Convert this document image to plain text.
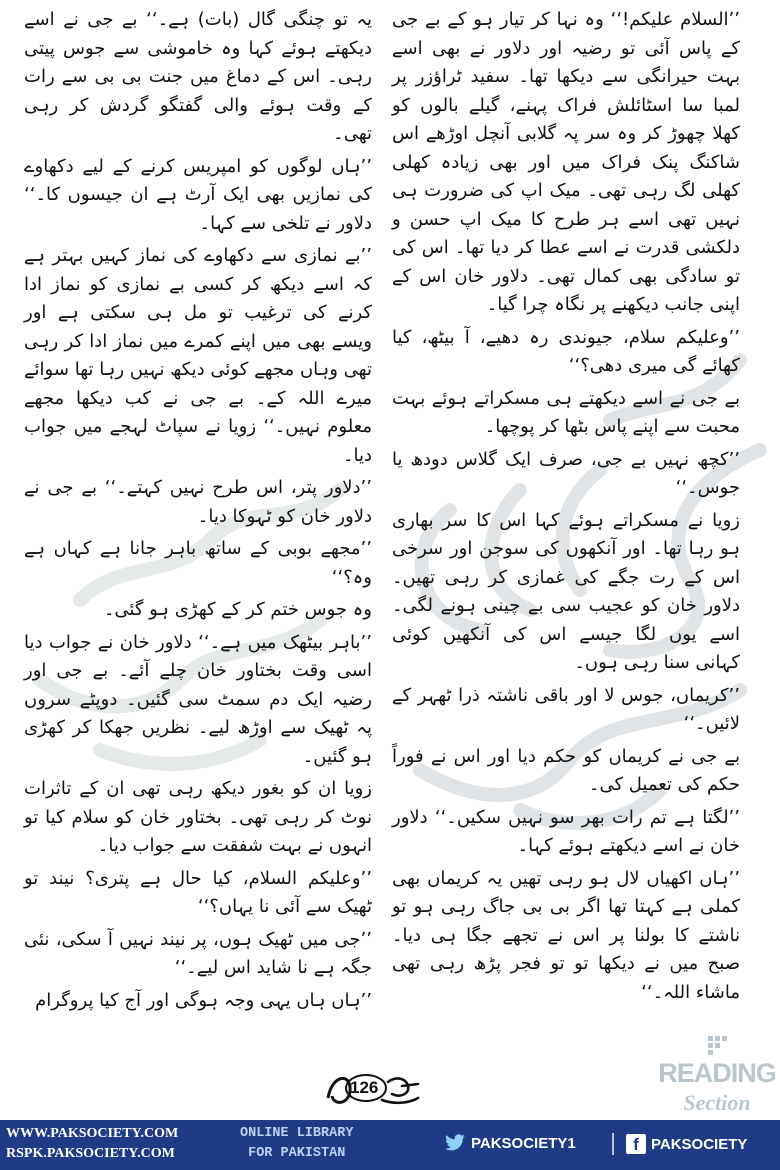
’’السلام علیکم!‘‘ وہ نہا کر تیار ہو کے بے جی کے پاس آئی تو رضیہ اور دلاور نے بھی اسے بہت حیرانگی سے دیکھا تھا۔ سفید ٹراؤزر پر لمبا سا اسٹائلش فراک پہنے، گیلے بالوں کو کھلا چھوڑ کر وہ سر پہ گلابی آنچل اوڑھے اس شاکنگ پنک فراک میں اور بھی زیادہ کھلی کھلی لگ رہی تھی۔ میک اپ کی ضرورت ہی نہیں تھی اسے ہر طرح کا میک اپ حسن و دلکشی قدرت نے اسے عطا کر دیا تھا۔ اس کی تو سادگی بھی کمال تھی۔ دلاور خان اس کے اپنی جانب دیکھنے پر نگاہ چرا گیا۔

’’وعلیکم سلام، جیوندی رہ دھیے، آ بیٹھ، کیا کھائے گی میری دھی؟‘‘

بے جی نے اسے دیکھتے ہی مسکراتے ہوئے بہت محبت سے اپنے پاس بٹھا کر پوچھا۔

’’کچھ نہیں بے جی، صرف ایک گلاس دودھ یا جوس۔‘‘

زویا نے مسکراتے ہوئے کہا اس کا سر بھاری ہو رہا تھا۔ اور آنکھوں کی سوجن اور سرخی اس کے رت جگے کی غمازی کر رہی تھیں۔ دلاور خان کو عجیب سی بے چینی ہونے لگی۔ اسے یوں لگا جیسے اس کی آنکھیں کوئی کہانی سنا رہی ہوں۔

’’کریماں، جوس لا اور باقی ناشتہ ذرا ٹھہر کے لائیں۔‘‘

بے جی نے کریماں کو حکم دیا اور اس نے فوراً حکم کی تعمیل کی۔

’’لگتا ہے تم رات بھر سو نہیں سکیں۔‘‘ دلاور خان نے اسے دیکھتے ہوئے کہا۔

’’ہاں اکھیاں لال ہو رہی تھیں یہ کریماں بھی کملی ہے کہتا تھا اگر بی بی جاگ رہی ہو تو ناشتے کا بولنا پر اس نے تجھے جگا ہی دیا۔ صبح میں نے دیکھا تو تو فجر پڑھ رہی تھی ماشاء اللہ۔‘‘

یہ تو چنگی گال (بات) ہے۔‘‘ بے جی نے اسے دیکھتے ہوئے کہا وہ خاموشی سے جوس پیتی رہی۔ اس کے دماغ میں جنت بی بی سے رات کے وقت ہوئے والی گفتگو گردش کر رہی تھی۔

’’ہاں لوگوں کو امپریس کرنے کے لیے دکھاوے کی نمازیں بھی ایک آرٹ ہے ان جیسوں کا۔‘‘ دلاور نے تلخی سے کہا۔

’’بے نمازی سے دکھاوے کی نماز کہیں بہتر ہے کہ اسے دیکھ کر کسی بے نمازی کو نماز ادا کرنے کی ترغیب تو مل ہی سکتی ہے اور ویسے بھی میں اپنے کمرے میں نماز ادا کر رہی تھی وہاں مجھے کوئی دیکھ نہیں رہا تھا سوائے میرے اللہ کے۔ بے جی نے کب دیکھا مجھے معلوم نہیں۔‘‘ زویا نے سپاٹ لہجے میں جواب دیا۔

’’دلاور پتر، اس طرح نہیں کہتے۔‘‘ بے جی نے دلاور خان کو ٹہوکا دیا۔

’’مجھے بوبی کے ساتھ باہر جانا ہے کہاں ہے وہ؟‘‘

وہ جوس ختم کر کے کھڑی ہو گئی۔

’’باہر بیٹھک میں ہے۔‘‘ دلاور خان نے جواب دیا اسی وقت بختاور خان چلے آئے۔ بے جی اور رضیہ ایک دم سمٹ سی گئیں۔ دوپٹے سروں پہ ٹھیک سے اوڑھ لیے۔ نظریں جھکا کر کھڑی ہو گئیں۔

زویا ان کو بغور دیکھ رہی تھی ان کے تاثرات نوٹ کر رہی تھی۔ بختاور خان کو سلام کیا تو انہوں نے بہت شفقت سے جواب دیا۔

’’وعلیکم السلام، کیا حال ہے پتری؟ نیند تو ٹھیک سے آئی نا یہاں؟‘‘

’’جی میں ٹھیک ہوں، پر نیند نہیں آ سکی، نئی جگہ ہے نا شاید اس لیے۔‘‘

’’ہاں ہاں یہی وجہ ہوگی اور آج کیا پروگرام

126	READING
Section
WWW.PAKSOCIETY.COM
RSPK.PAKSOCIETY.COM
ONLINE LIBRARY
FOR PAKISTAN
PAKSOCIETY1	f PAKSOCIETY
